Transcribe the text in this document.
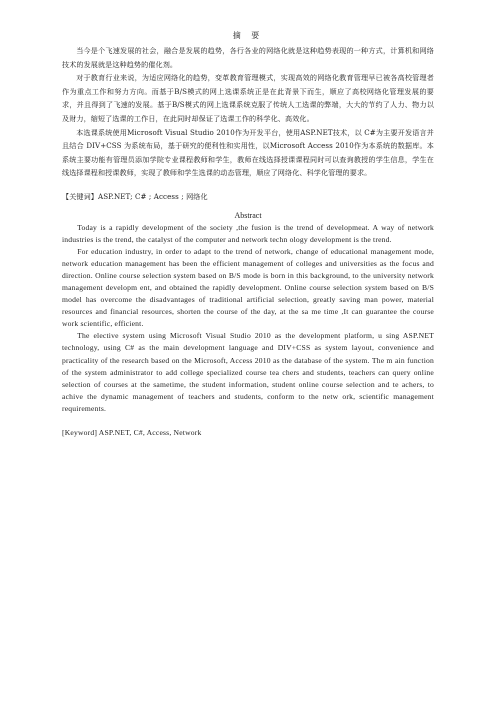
摘 要

当今是个飞速发展的社会，融合是发展的趋势，各行各业的网络化就是这种趋势表现的一种方式，计算机和网络技术的发展就是这种趋势的催化剂。

对于教育行业来说，为适应网络化的趋势，变革教育管理模式，实现高效的网络化教育管理早已被各高校管理者作为重点工作和努力方向。而基于B/S模式的网上选课系统正是在此背景下而生，顺应了高校网络化管理发展的要求，并且得到了飞速的发展。基于B/S模式的网上选课系统克服了传统人工选课的弊端，大大的节约了人力、物力以及财力，缩短了选课的工作日，在此同时却保证了选课工作的科学化、高效化。

本选课系统使用Microsoft Visual Studio 2010作为开发平台，使用ASP.NET技术，以 C#为主要开发语言并且结合 DIV+CSS 为系统布局，基于研究的便利性和实用性，以Microsoft Access 2010作为本系统的数据库。本系统主要功能有管理员添加学院专业课程教师和学生，教师在线选择授课课程同时可以查询教授的学生信息，学生在线选择课程和授课教师，实现了教师和学生选课的动态管理，顺应了网络化、科学化管理的要求。

【关键词】ASP.NET; C# ; Access ; 网络化

Abstract

Today is a rapidly development of the society ,the fusion is the trend of developmeat. A way of network industries is the trend, the catalyst of the computer and network techn ology development is the trend.

For education industry, in order to adapt to the trend of network, change of educational management mode, network education management has been the efficient management of colleges and universities as the focus and direction. Online course selection system based on B/S mode is born in this background, to the university network management developm ent, and obtained the rapidly development. Online course selection system based on B/S model has overcome the disadvantages of traditional artificial selection, greatly saving man power, material resources and financial resources, shorten the course of the day, at the sa me time ,It can guarantee the course work scientific, efficient.

The elective system using Microsoft Visual Studio 2010 as the development platform, u sing ASP.NET technology, using C# as the main development language and DIV+CSS as system layout, convenience and practicality of the research based on the Microsoft, Access 2010 as the database of the system. The m ain function of the system administrator to add college specialized course tea chers and students, teachers can query online selection of courses at the sametime, the student information, student online course selection and te achers, to achive the dynamic management of teachers and students, conform to the netw ork, scientific management requirements.

[Keyword] ASP.NET, C#, Access, Network
